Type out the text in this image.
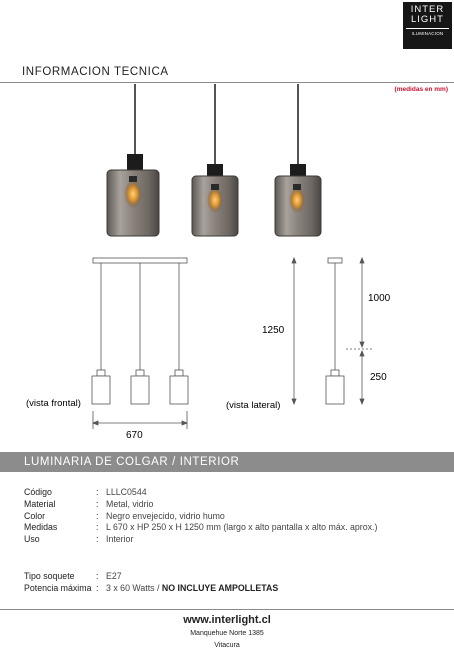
INTER
LIGHT
ILUMINACION
INFORMACION TECNICA
(medidas en mm)
670
(vista frontal)
1250
1000
250
(vista lateral)
LUMINARIA DE COLGAR / INTERIOR
Código	: LLLC0544
Material	: Metal, vidrio
Color	: Negro envejecido, vidrio humo
Medidas	: L 670 x HP 250 x H 1250 mm (largo x alto pantalla x alto máx. aprox.)
Uso	: Interior
Tipo soquete	: E27
Potencia máxima : 3 x 60 Watts / NO INCLUYE AMPOLLETAS
www.interlight.cl
Manquehue Norte 1385
Vitacura
